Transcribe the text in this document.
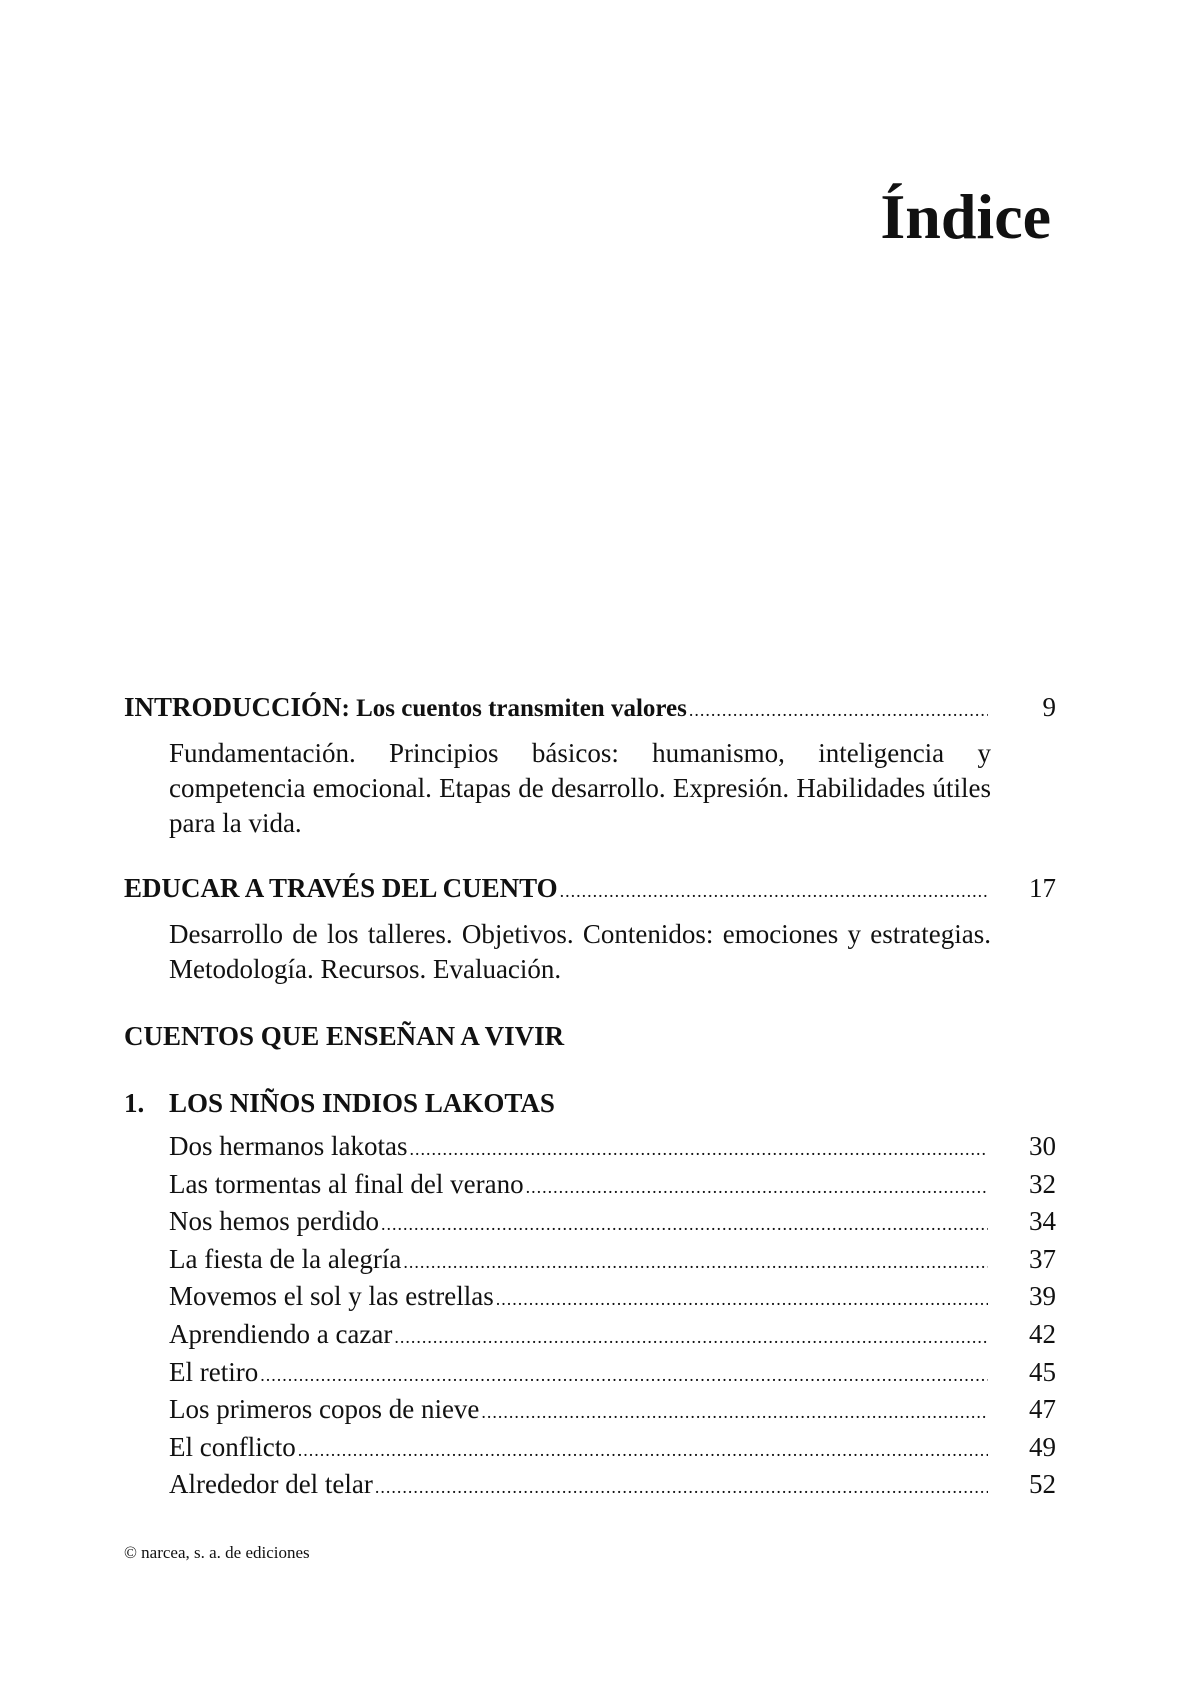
Índice
INTRODUCCIÓN: Los cuentos transmiten valores .....	9

Fundamentación. Principios básicos: humanismo, inteligencia y competencia emocional. Etapas de desarrollo. Expresión. Habilidades útiles para la vida.

EDUCAR A TRAVÉS DEL CUENTO .....	17

Desarrollo de los talleres. Objetivos. Contenidos: emociones y estrategias. Metodología. Recursos. Evaluación.

CUENTOS QUE ENSEÑAN A VIVIR
1. LOS NIÑOS INDIOS LAKOTAS
Dos hermanos lakotas .....	30
Las tormentas al final del verano .....	32
Nos hemos perdido .....	34
La fiesta de la alegría .....	37
Movemos el sol y las estrellas .....	39
Aprendiendo a cazar .....	42
El retiro .....	45
Los primeros copos de nieve .....	47
El conflicto .....	49
Alrededor del telar .....	52
© narcea, s. a. de ediciones
